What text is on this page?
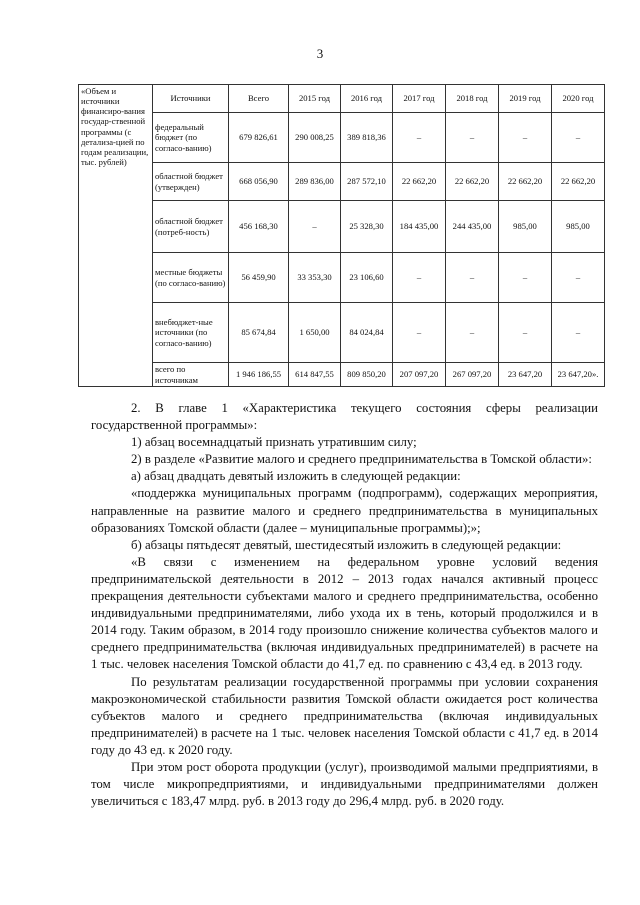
3
«Объем и источники финансиро-вания государ-ственной программы (с детализа-цией по годам реализации, тыс. рублей)	Источники	Всего	2015 год	2016 год	2017 год	2018 год	2019 год	2020 год
	федеральный бюджет (по согласо-ванию)	679 826,61	290 008,25	389 818,36	–	–	–	–
	областной бюджет (утвержден)	668 056,90	289 836,00	287 572,10	22 662,20	22 662,20	22 662,20	22 662,20
	областной бюджет (потреб-ность)	456 168,30	–	25 328,30	184 435,00	244 435,00	985,00	985,00
	местные бюджеты (по согласо-ванию)	56 459,90	33 353,30	23 106,60	–	–	–	–
	внебюджет-ные источники (по согласо-ванию)	85 674,84	1 650,00	84 024,84	–	–	–	–
	всего по источникам	1 946 186,55	614 847,55	809 850,20	207 097,20	267 097,20	23 647,20	23 647,20».

2. В главе 1 «Характеристика текущего состояния сферы реализации государственной программы»:

1) абзац восемнадцатый признать утратившим силу;

2) в разделе «Развитие малого и среднего предпринимательства в Томской области»:

а) абзац двадцать девятый изложить в следующей редакции:

«поддержка муниципальных программ (подпрограмм), содержащих мероприятия, направленные на развитие малого и среднего предпринимательства в муниципальных образованиях Томской области (далее – муниципальные программы);»;

б) абзацы пятьдесят девятый, шестидесятый изложить в следующей редакции:

«В связи с изменением на федеральном уровне условий ведения предпринимательской деятельности в 2012 – 2013 годах начался активный процесс прекращения деятельности субъектами малого и среднего предпринимательства, особенно индивидуальными предпринимателями, либо ухода их в тень, который продолжился и в 2014 году. Таким образом, в 2014 году произошло снижение количества субъектов малого и среднего предпринимательства (включая индивидуальных предпринимателей) в расчете на 1 тыс. человек населения Томской области до 41,7 ед. по сравнению с 43,4 ед. в 2013 году.

По результатам реализации государственной программы при условии сохранения макроэкономической стабильности развития Томской области ожидается рост количества субъектов малого и среднего предпринимательства (включая индивидуальных предпринимателей) в расчете на 1 тыс. человек населения Томской области с 41,7 ед. в 2014 году до 43 ед. к 2020 году.

При этом рост оборота продукции (услуг), производимой малыми предприятиями, в том числе микропредприятиями, и индивидуальными предпринимателями должен увеличиться с 183,47 млрд. руб. в 2013 году до 296,4 млрд. руб. в 2020 году.
